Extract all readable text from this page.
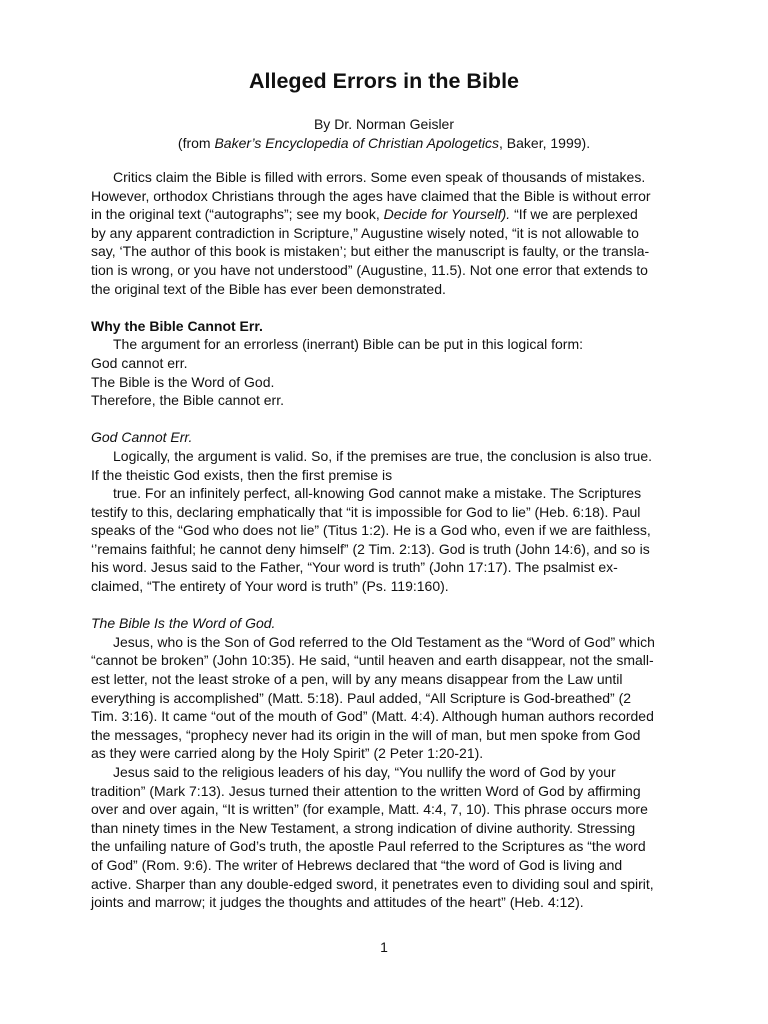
Alleged Errors in the Bible
By Dr. Norman Geisler
(from Baker’s Encyclopedia of Christian Apologetics, Baker, 1999).
Critics claim the Bible is filled with errors. Some even speak of thousands of mistakes.
However, orthodox Christians through the ages have claimed that the Bible is without error
in the original text (“autographs”; see my book, Decide for Yourself). “If we are perplexed
by any apparent contradiction in Scripture,” Augustine wisely noted, “it is not allowable to
say, ‘The author of this book is mistaken’; but either the manuscript is faulty, or the transla-
tion is wrong, or you have not understood” (Augustine, 11.5). Not one error that extends to
the original text of the Bible has ever been demonstrated.
Why the Bible Cannot Err.
The argument for an errorless (inerrant) Bible can be put in this logical form:
God cannot err.
The Bible is the Word of God.
Therefore, the Bible cannot err.
God Cannot Err.
Logically, the argument is valid. So, if the premises are true, the conclusion is also true.
If the theistic God exists, then the first premise is
true. For an infinitely perfect, all-knowing God cannot make a mistake. The Scriptures
testify to this, declaring emphatically that “it is impossible for God to lie” (Heb. 6:18). Paul
speaks of the “God who does not lie” (Titus 1:2). He is a God who, even if we are faithless,
‘’remains faithful; he cannot deny himself” (2 Tim. 2:13). God is truth (John 14:6), and so is
his word. Jesus said to the Father, “Your word is truth” (John 17:17). The psalmist ex-
claimed, “The entirety of Your word is truth” (Ps. 119:160).
The Bible Is the Word of God.
Jesus, who is the Son of God referred to the Old Testament as the “Word of God” which
“cannot be broken” (John 10:35). He said, “until heaven and earth disappear, not the small-
est letter, not the least stroke of a pen, will by any means disappear from the Law until
everything is accomplished” (Matt. 5:18). Paul added, “All Scripture is God-breathed” (2
Tim. 3:16). It came “out of the mouth of God” (Matt. 4:4). Although human authors recorded
the messages, “prophecy never had its origin in the will of man, but men spoke from God
as they were carried along by the Holy Spirit” (2 Peter 1:20-21).
Jesus said to the religious leaders of his day, “You nullify the word of God by your
tradition” (Mark 7:13). Jesus turned their attention to the written Word of God by affirming
over and over again, “It is written” (for example, Matt. 4:4, 7, 10). This phrase occurs more
than ninety times in the New Testament, a strong indication of divine authority. Stressing
the unfailing nature of God’s truth, the apostle Paul referred to the Scriptures as “the word
of God” (Rom. 9:6). The writer of Hebrews declared that “the word of God is living and
active. Sharper than any double-edged sword, it penetrates even to dividing soul and spirit,
joints and marrow; it judges the thoughts and attitudes of the heart” (Heb. 4:12).
1
